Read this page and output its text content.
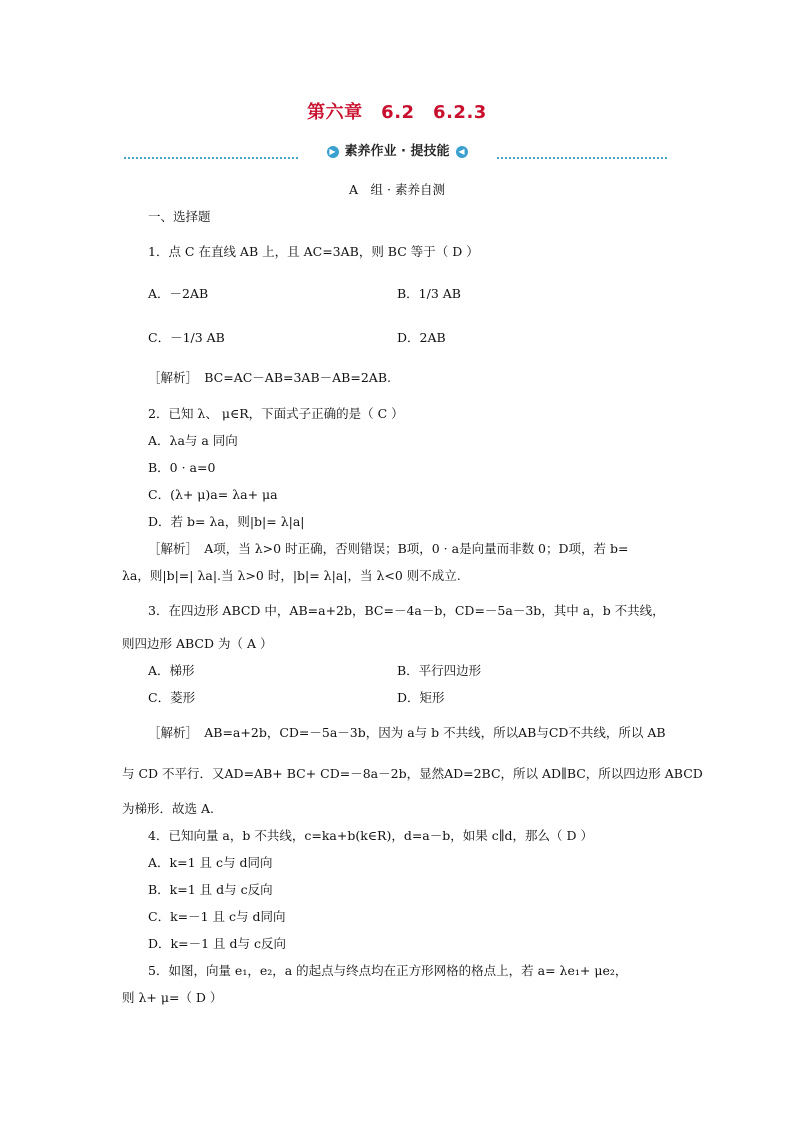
第六章　6.2　6.2.3
▶ 素养作业 · 提技能 ◀
A　组 · 素养自测
一、选择题
1．点 C 在直线 AB 上，且 AC=3AB，则 BC 等于（ D ）
A．－2AB	B．1/3 AB
C．－1/3 AB	D．2AB
［解析］　BC=AC－AB=3AB－AB=2AB.
2．已知 λ、 μ∈R，下面式子正确的是（ C ）
A．λa与 a 同向
B．0 · a=0
C．(λ+ μ)a= λa+ μa
D．若 b= λa，则|b|= λ|a|
［解析］　A项，当 λ>0 时正确，否则错误；B项，0 · a是向量而非数 0；D项，若 b=
λa，则|b|=| λa|.当 λ>0 时，|b|= λ|a|，当 λ<0 则不成立.
3．在四边形 ABCD 中，AB=a+2b，BC=－4a－b，CD=－5a－3b，其中 a，b 不共线，
则四边形 ABCD 为（ A ）
A．梯形	B．平行四边形
C．菱形	D．矩形
［解析］　AB=a+2b，CD=－5a－3b，因为 a与 b 不共线，所以AB与CD不共线，所以 AB
与 CD 不平行．又AD=AB+ BC+ CD=－8a－2b，显然AD=2BC，所以 AD∥BC，所以四边形 ABCD
为梯形．故选 A.
4．已知向量 a，b 不共线，c=ka+b(k∈R)，d=a－b，如果 c∥d，那么（ D ）
A．k=1 且 c与 d同向
B．k=1 且 d与 c反向
C．k=－1 且 c与 d同向
D．k=－1 且 d与 c反向
5．如图，向量 e₁，e₂，a 的起点与终点均在正方形网格的格点上，若 a= λe₁+ μe₂，
则 λ+ μ=（ D ）
